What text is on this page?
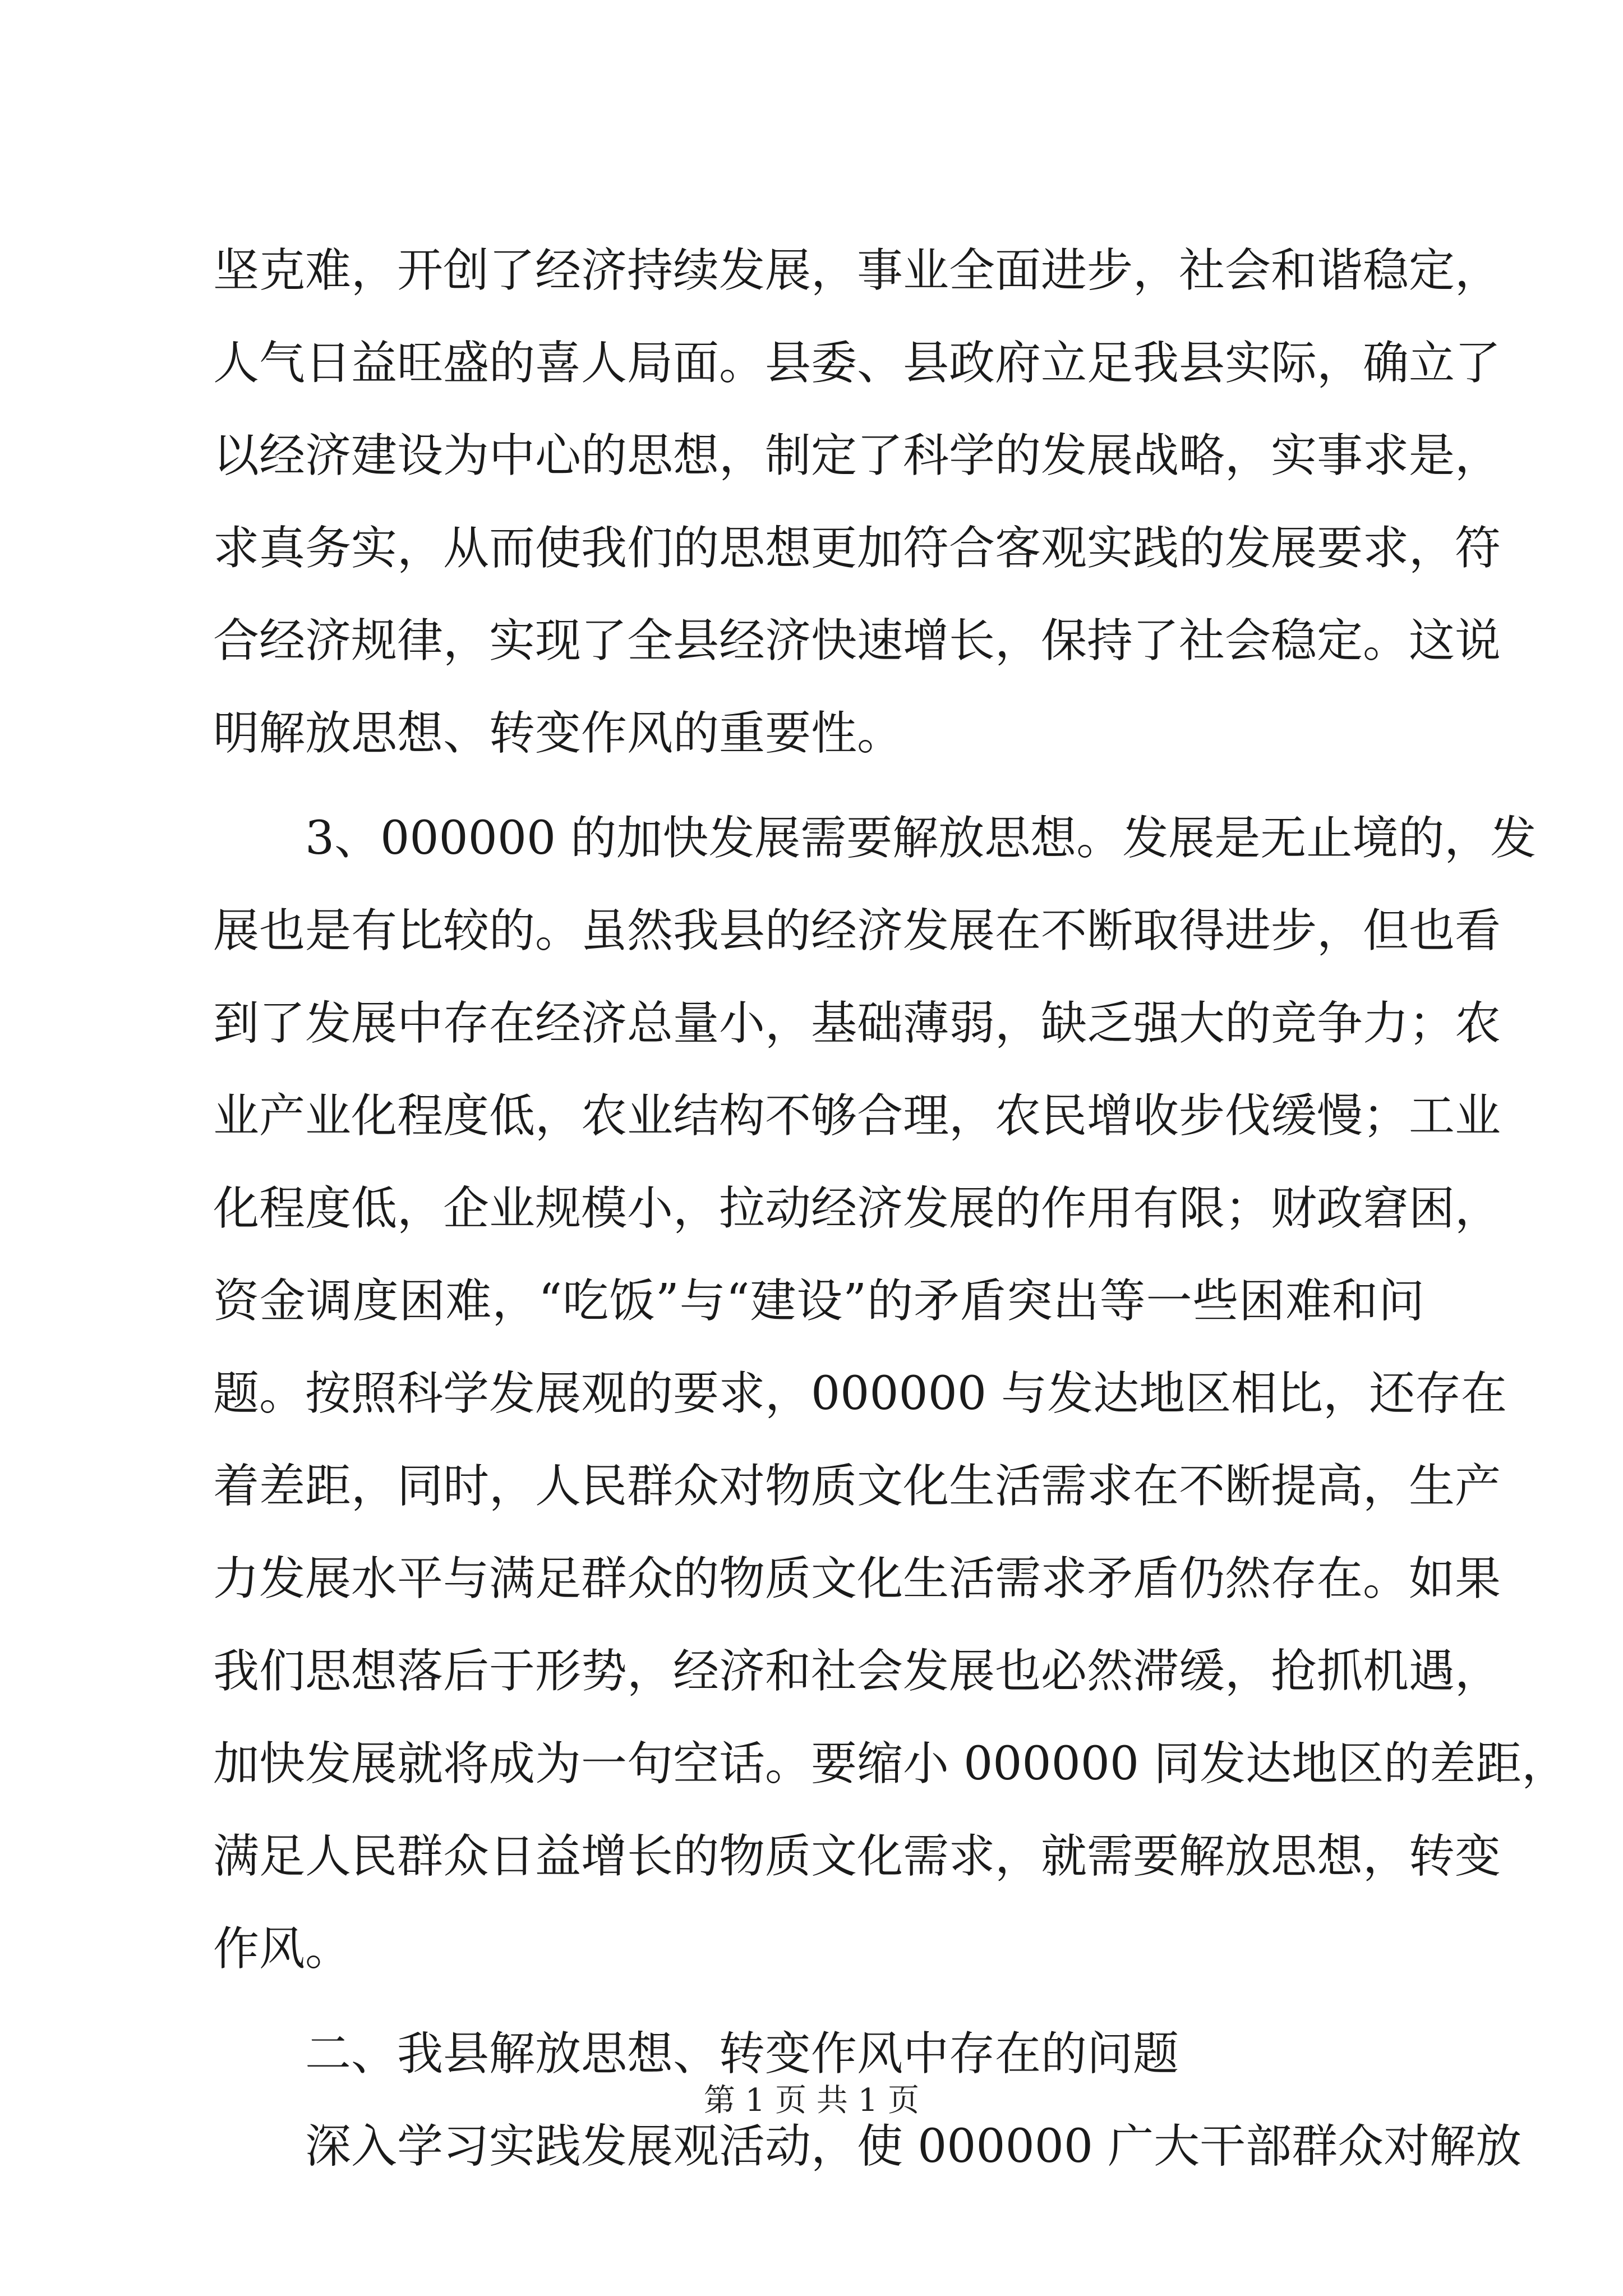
坚克难，开创了经济持续发展，事业全面进步，社会和谐稳定，
人气日益旺盛的喜人局面。县委、县政府立足我县实际，确立了
以经济建设为中心的思想，制定了科学的发展战略，实事求是，
求真务实，从而使我们的思想更加符合客观实践的发展要求，符
合经济规律，实现了全县经济快速增长，保持了社会稳定。这说
明解放思想、转变作风的重要性。
3、000000 的加快发展需要解放思想。发展是无止境的，发
展也是有比较的。虽然我县的经济发展在不断取得进步，但也看
到了发展中存在经济总量小，基础薄弱，缺乏强大的竞争力；农
业产业化程度低，农业结构不够合理，农民增收步伐缓慢；工业
化程度低，企业规模小，拉动经济发展的作用有限；财政窘困，
资金调度困难，“吃饭”与“建设”的矛盾突出等一些困难和问
题。按照科学发展观的要求，000000 与发达地区相比，还存在
着差距，同时，人民群众对物质文化生活需求在不断提高，生产
力发展水平与满足群众的物质文化生活需求矛盾仍然存在。如果
我们思想落后于形势，经济和社会发展也必然滞缓，抢抓机遇，
加快发展就将成为一句空话。要缩小 000000 同发达地区的差距，
满足人民群众日益增长的物质文化需求，就需要解放思想，转变
作风。
二、我县解放思想、转变作风中存在的问题
深入学习实践发展观活动，使 000000 广大干部群众对解放
第 1 页 共 1 页
